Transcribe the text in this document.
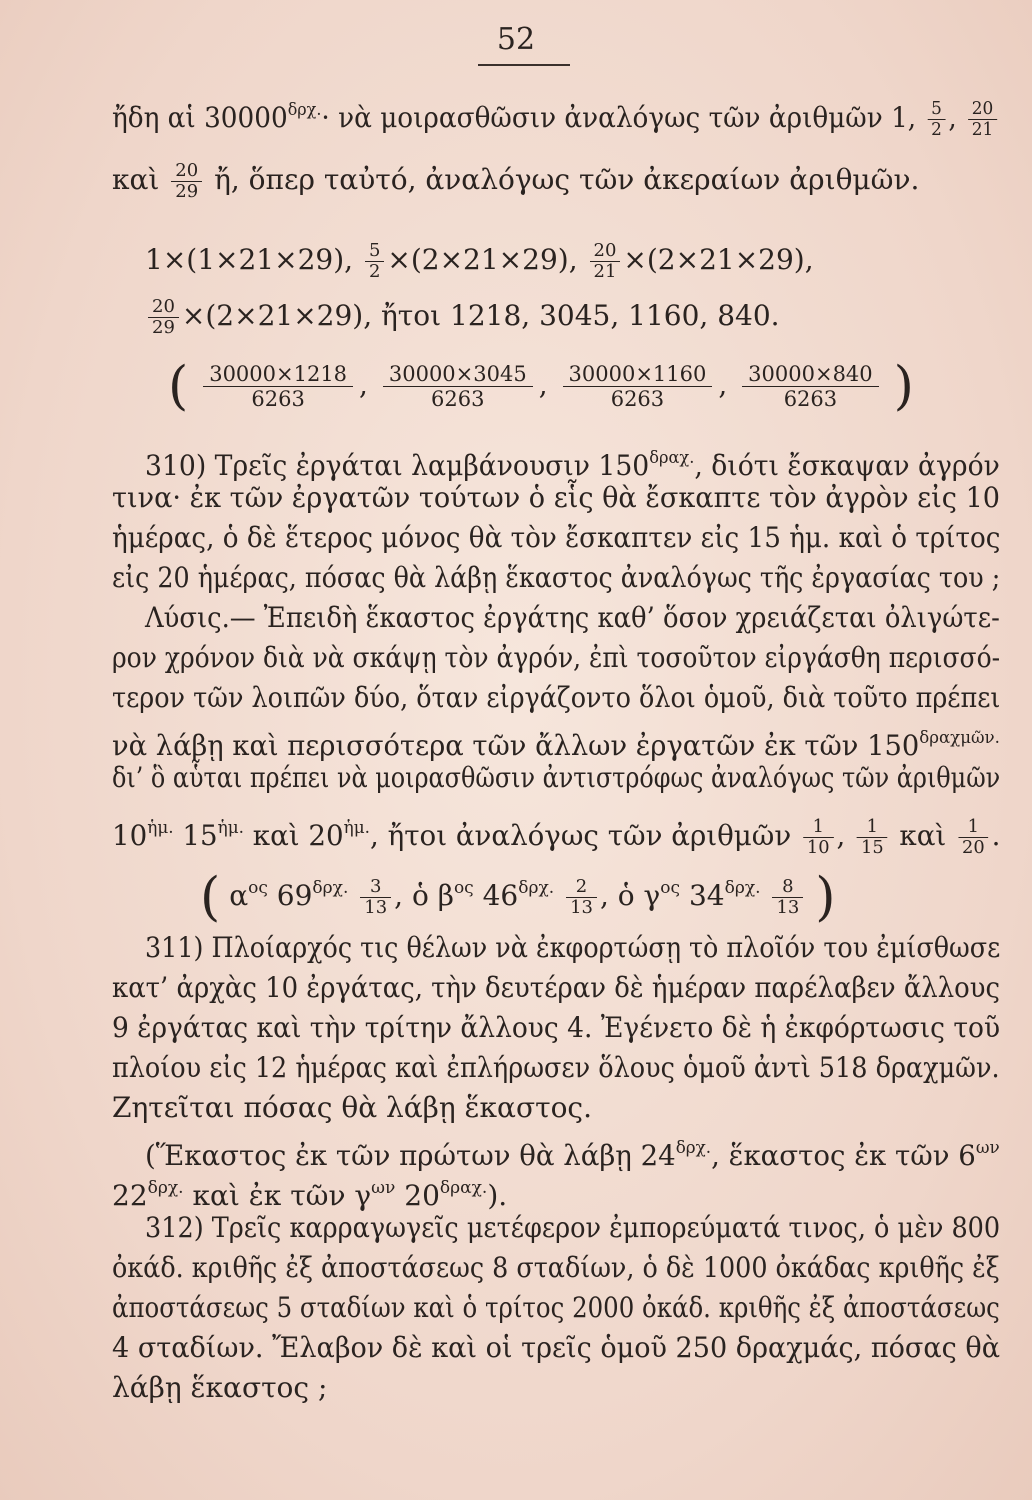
52
ἤδη αἱ $30000^{\delta\rho\chi.}\cdot$ νὰ μοιρασθῶσιν ἀναλόγως τῶν ἀριθμῶν 1, $\frac{5}{2}$ , $\frac{20}{21}$
καὶ $\frac{20}{29}$ ἤ, ὅπερ ταὐτό, ἀναλόγως τῶν ἀκεραίων ἀριθμῶν.
1×(1×21×29), $\frac{5}{2} \times(2\times 21\times 29)$, $\frac{20}{21} \times(2\times 21\times 29)$,
$\frac{20}{29} \times(2\times 21\times 29)$, ἤτοι 1218, 3045, 1160, 840.
( $\frac{30000\times 1218}{6263}$ , $\frac{30000\times 3045}{6263}$ , $\frac{30000\times 1160}{6263}$ , $\frac{30000\times 840}{6263}$ )
310) Τρεῖς ἐργάται λαμβάνουσιν $150^{\delta\rho\alpha\chi.}$, διότι ἔσκαψαν ἀγρόν
τινα· ἐκ τῶν ἐργατῶν τούτων ὁ εἷς θὰ ἔσκαπτε τὸν ἀγρὸν εἰς 10
ἡμέρας, ὁ δὲ ἕτερος μόνος θὰ τὸν ἔσκαπτεν εἰς 15 ἡμ. καὶ ὁ τρίτος
εἰς 20 ἡμέρας, πόσας θὰ λάβῃ ἕκαστος ἀναλόγως τῆς ἐργασίας του ;
Λύσις.— Ἐπειδὴ ἕκαστος ἐργάτης καθ’ ὅσον χρειάζεται ὀλιγώτε-
ρον χρόνον διὰ νὰ σκάψῃ τὸν ἀγρόν, ἐπὶ τοσοῦτον εἰργάσθη περισσό-
τερον τῶν λοιπῶν δύο, ὅταν εἰργάζοντο ὅλοι ὁμοῦ, διὰ τοῦτο πρέπει
νὰ λάβῃ καὶ περισσότερα τῶν ἄλλων ἐργατῶν ἐκ τῶν $150^{\delta\rho\alpha\chi\mu ῶ\nu.}$
δι’ ὃ αὗται πρέπει νὰ μοιρασθῶσιν ἀντιστρόφως ἀναλόγως τῶν ἀριθμῶν
$10^{ἡ\mu.}$ $15^{ἡ\mu.}$ καὶ $20^{ἡ\mu.}$, ἤτοι ἀναλόγως τῶν ἀριθμῶν $\frac{1}{10}$ , $\frac{1}{15}$ καὶ $\frac{1}{20}$ .
( $\alpha^{o\varsigma}$ $69^{\delta\rho\chi.} \frac{3}{13}$ , ὁ $\beta^{o\varsigma}$ $46^{\delta\rho\chi.} \frac{2}{13}$ , ὁ $\gamma^{o\varsigma}$ $34^{\delta\rho\chi.} \frac{8}{13}$ )
311) Πλοίαρχός τις θέλων νὰ ἐκφορτώσῃ τὸ πλοῖόν του ἐμίσθωσε
κατ’ ἀρχὰς 10 ἐργάτας, τὴν δευτέραν δὲ ἡμέραν παρέλαβεν ἄλλους
9 ἐργάτας καὶ τὴν τρίτην ἄλλους 4. Ἐγένετο δὲ ἡ ἐκφόρτωσις τοῦ
πλοίου εἰς 12 ἡμέρας καὶ ἐπλήρωσεν ὅλους ὁμοῦ ἀντὶ 518 δραχμῶν.
Ζητεῖται πόσας θὰ λάβῃ ἕκαστος.
(Ἕκαστος ἐκ τῶν πρώτων θὰ λάβῃ $24^{\delta\rho\chi.}$, ἕκαστος ἐκ τῶν $6^{\omega\nu}$
$22^{\delta\rho\chi.}$ καὶ ἐκ τῶν $\gamma^{\omega\nu}$ $20^{\delta\rho\alpha\chi.}$).
312) Τρεῖς καρραγωγεῖς μετέφερον ἐμπορεύματά τινος, ὁ μὲν 800
ὀκάδ. κριθῆς ἐξ ἀποστάσεως 8 σταδίων, ὁ δὲ 1000 ὀκάδας κριθῆς ἐξ
ἀποστάσεως 5 σταδίων καὶ ὁ τρίτος 2000 ὀκάδ. κριθῆς ἐξ ἀποστάσεως
4 σταδίων. Ἔλαβον δὲ καὶ οἱ τρεῖς ὁμοῦ 250 δραχμάς, πόσας θὰ
λάβῃ ἕκαστος ;
